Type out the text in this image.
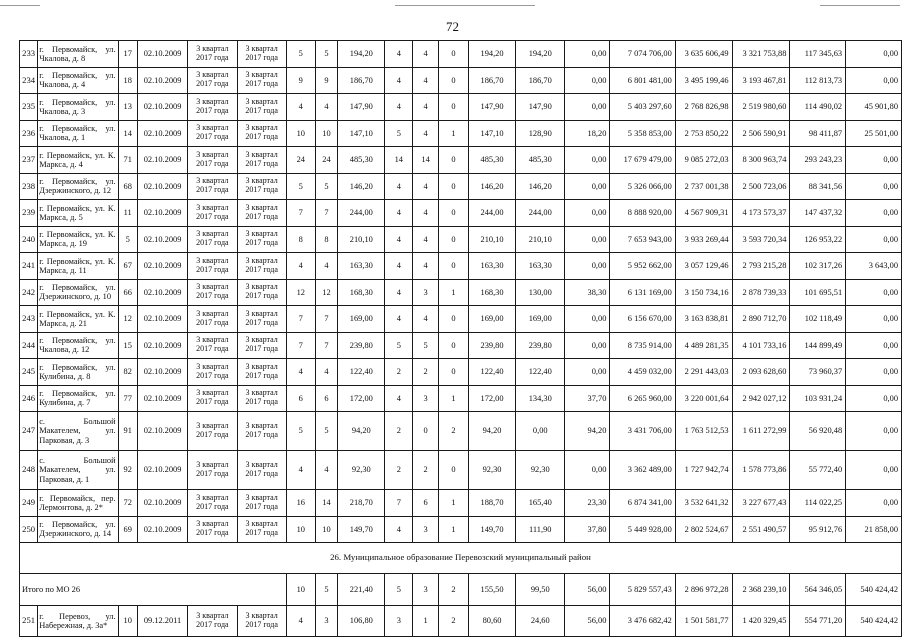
72
233	г. Первомайск, ул. Чкалова, д. 8	17	02.10.2009	3 квартал 2017 года	3 квартал 2017 года	5	5	194,20	4	4	0	194,20	194,20	0,00	7 074 706,00	3 635 606,49	3 321 753,88	117 345,63	0,00
234	г. Первомайск, ул. Чкалова, д. 4	18	02.10.2009	3 квартал 2017 года	3 квартал 2017 года	9	9	186,70	4	4	0	186,70	186,70	0,00	6 801 481,00	3 495 199,46	3 193 467,81	112 813,73	0,00
235	г. Первомайск, ул. Чкалова, д. 3	13	02.10.2009	3 квартал 2017 года	3 квартал 2017 года	4	4	147,90	4	4	0	147,90	147,90	0,00	5 403 297,60	2 768 826,98	2 519 980,60	114 490,02	45 901,80
236	г. Первомайск, ул. Чкалова, д. 1	14	02.10.2009	3 квартал 2017 года	3 квартал 2017 года	10	10	147,10	5	4	1	147,10	128,90	18,20	5 358 853,00	2 753 850,22	2 506 590,91	98 411,87	25 501,00
237	г. Первомайск, ул. К. Маркса, д. 4	71	02.10.2009	3 квартал 2017 года	3 квартал 2017 года	24	24	485,30	14	14	0	485,30	485,30	0,00	17 679 479,00	9 085 272,03	8 300 963,74	293 243,23	0,00
238	г. Первомайск, ул. Дзержинского, д. 12	68	02.10.2009	3 квартал 2017 года	3 квартал 2017 года	5	5	146,20	4	4	0	146,20	146,20	0,00	5 326 066,00	2 737 001,38	2 500 723,06	88 341,56	0,00
239	г. Первомайск, ул. К. Маркса, д. 5	11	02.10.2009	3 квартал 2017 года	3 квартал 2017 года	7	7	244,00	4	4	0	244,00	244,00	0,00	8 888 920,00	4 567 909,31	4 173 573,37	147 437,32	0,00
240	г. Первомайск, ул. К. Маркса, д. 19	5	02.10.2009	3 квартал 2017 года	3 квартал 2017 года	8	8	210,10	4	4	0	210,10	210,10	0,00	7 653 943,00	3 933 269,44	3 593 720,34	126 953,22	0,00
241	г. Первомайск, ул. К. Маркса, д. 11	67	02.10.2009	3 квартал 2017 года	3 квартал 2017 года	4	4	163,30	4	4	0	163,30	163,30	0,00	5 952 662,00	3 057 129,46	2 793 215,28	102 317,26	3 643,00
242	г. Первомайск, ул. Дзержинского, д. 10	66	02.10.2009	3 квартал 2017 года	3 квартал 2017 года	12	12	168,30	4	3	1	168,30	130,00	38,30	6 131 169,00	3 150 734,16	2 878 739,33	101 695,51	0,00
243	г. Первомайск, ул. К. Маркса, д. 21	12	02.10.2009	3 квартал 2017 года	3 квартал 2017 года	7	7	169,00	4	4	0	169,00	169,00	0,00	6 156 670,00	3 163 838,81	2 890 712,70	102 118,49	0,00
244	г. Первомайск, ул. Чкалова, д. 12	15	02.10.2009	3 квартал 2017 года	3 квартал 2017 года	7	7	239,80	5	5	0	239,80	239,80	0,00	8 735 914,00	4 489 281,35	4 101 733,16	144 899,49	0,00
245	г. Первомайск, ул. Кулибина, д. 8	82	02.10.2009	3 квартал 2017 года	3 квартал 2017 года	4	4	122,40	2	2	0	122,40	122,40	0,00	4 459 032,00	2 291 443,03	2 093 628,60	73 960,37	0,00
246	г. Первомайск, ул. Кулибина, д. 7	77	02.10.2009	3 квартал 2017 года	3 квартал 2017 года	6	6	172,00	4	3	1	172,00	134,30	37,70	6 265 960,00	3 220 001,64	2 942 027,12	103 931,24	0,00
247	с. Большой Макателем, ул. Парковая, д. 3	91	02.10.2009	3 квартал 2017 года	3 квартал 2017 года	5	5	94,20	2	0	2	94,20	0,00	94,20	3 431 706,00	1 763 512,53	1 611 272,99	56 920,48	0,00
248	с. Большой Макателем, ул. Парковая, д. 1	92	02.10.2009	3 квартал 2017 года	3 квартал 2017 года	4	4	92,30	2	2	0	92,30	92,30	0,00	3 362 489,00	1 727 942,74	1 578 773,86	55 772,40	0,00
249	г. Первомайск, пер. Лермонтова, д. 2*	72	02.10.2009	3 квартал 2017 года	3 квартал 2017 года	16	14	218,70	7	6	1	188,70	165,40	23,30	6 874 341,00	3 532 641,32	3 227 677,43	114 022,25	0,00
250	г. Первомайск, ул. Дзержинского, д. 14	69	02.10.2009	3 квартал 2017 года	3 квартал 2017 года	10	10	149,70	4	3	1	149,70	111,90	37,80	5 449 928,00	2 802 524,67	2 551 490,57	95 912,76	21 858,00
26. Муниципальное образование Перевозский муниципальный район																			
Итого по МО 26						10	5	221,40	5	3	2	155,50	99,50	56,00	5 829 557,43	2 896 972,28	2 368 239,10	564 346,05	540 424,42
251	г. Перевоз, ул. Набережная, д. 3а*	10	09.12.2011	3 квартал 2017 года	3 квартал 2017 года	4	3	106,80	3	1	2	80,60	24,60	56,00	3 476 682,42	1 501 581,77	1 420 329,45	554 771,20	540 424,42
